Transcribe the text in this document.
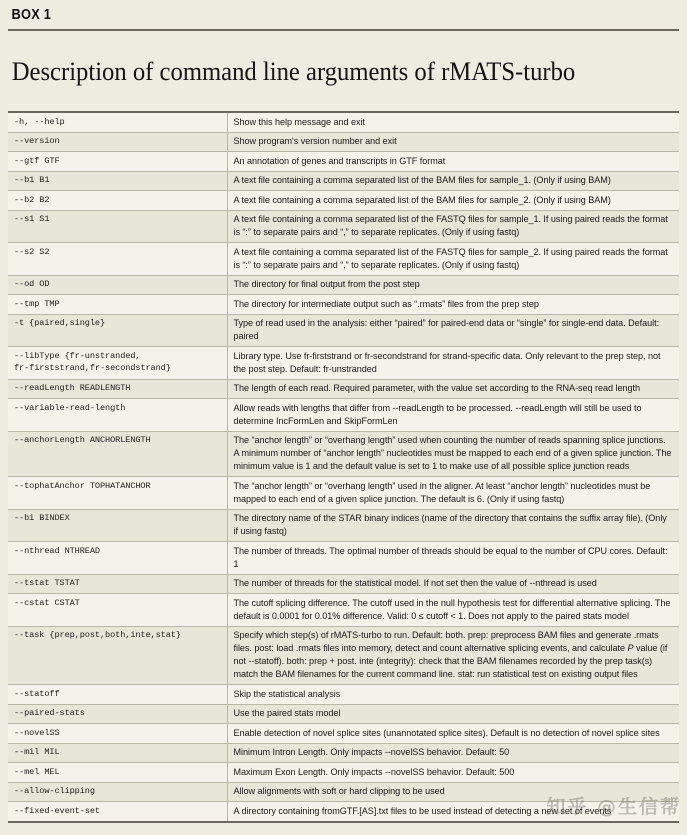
BOX 1
Description of command line arguments of rMATS-turbo
-h, --help	Show this help message and exit
--version	Show program's version number and exit
--gtf GTF	An annotation of genes and transcripts in GTF format
--b1 B1	A text file containing a comma separated list of the BAM files for sample_1. (Only if using BAM)
--b2 B2	A text file containing a comma separated list of the BAM files for sample_2. (Only if using BAM)
--s1 S1	A text file containing a comma separated list of the FASTQ files for sample_1. If using paired reads the format is “:” to separate pairs and “,” to separate replicates. (Only if using fastq)
--s2 S2	A text file containing a comma separated list of the FASTQ files for sample_2. If using paired reads the format is “:” to separate pairs and “,” to separate replicates. (Only if using fastq)
--od OD	The directory for final output from the post step
--tmp TMP	The directory for intermediate output such as “.rmats” files from the prep step
-t {paired,single}	Type of read used in the analysis: either “paired” for paired-end data or “single” for single-end data. Default: paired
--libType {fr-unstranded,
fr-firststrand,fr-secondstrand}	Library type. Use fr-firststrand or fr-secondstrand for strand-specific data. Only relevant to the prep step, not the post step. Default: fr-unstranded
--readLength READLENGTH	The length of each read. Required parameter, with the value set according to the RNA-seq read length
--variable-read-length	Allow reads with lengths that differ from --readLength to be processed. --readLength will still be used to determine IncFormLen and SkipFormLen
--anchorLength ANCHORLENGTH	The “anchor length” or “overhang length” used when counting the number of reads spanning splice junctions. A minimum number of “anchor length” nucleotides must be mapped to each end of a given splice junction. The minimum value is 1 and the default value is set to 1 to make use of all possible splice junction reads
--tophatAnchor TOPHATANCHOR	The “anchor length” or “overhang length” used in the aligner. At least “anchor length” nucleotides must be mapped to each end of a given splice junction. The default is 6. (Only if using fastq)
--bi BINDEX	The directory name of the STAR binary indices (name of the directory that contains the suffix array file). (Only if using fastq)
--nthread NTHREAD	The number of threads. The optimal number of threads should be equal to the number of CPU cores. Default: 1
--tstat TSTAT	The number of threads for the statistical model. If not set then the value of --nthread is used
--cstat CSTAT	The cutoff splicing difference. The cutoff used in the null hypothesis test for differential alternative splicing. The default is 0.0001 for 0.01% difference. Valid: 0 ≤ cutoff < 1. Does not apply to the paired stats model
--task {prep,post,both,inte,stat}	Specify which step(s) of rMATS-turbo to run. Default: both. prep: preprocess BAM files and generate .rmats files. post: load .rmats files into memory, detect and count alternative splicing events, and calculate P value (if not --statoff). both: prep + post. inte (integrity): check that the BAM filenames recorded by the prep task(s) match the BAM filenames for the current command line. stat: run statistical test on existing output files
--statoff	Skip the statistical analysis
--paired-stats	Use the paired stats model
--novelSS	Enable detection of novel splice sites (unannotated splice sites). Default is no detection of novel splice sites
--mil MIL	Minimum Intron Length. Only impacts --novelSS behavior. Default: 50
--mel MEL	Maximum Exon Length. Only impacts --novelSS behavior. Default: 500
--allow-clipping	Allow alignments with soft or hard clipping to be used
--fixed-event-set	A directory containing fromGTF.[AS].txt files to be used instead of detecting a new set of events
知乎 @生信帮
